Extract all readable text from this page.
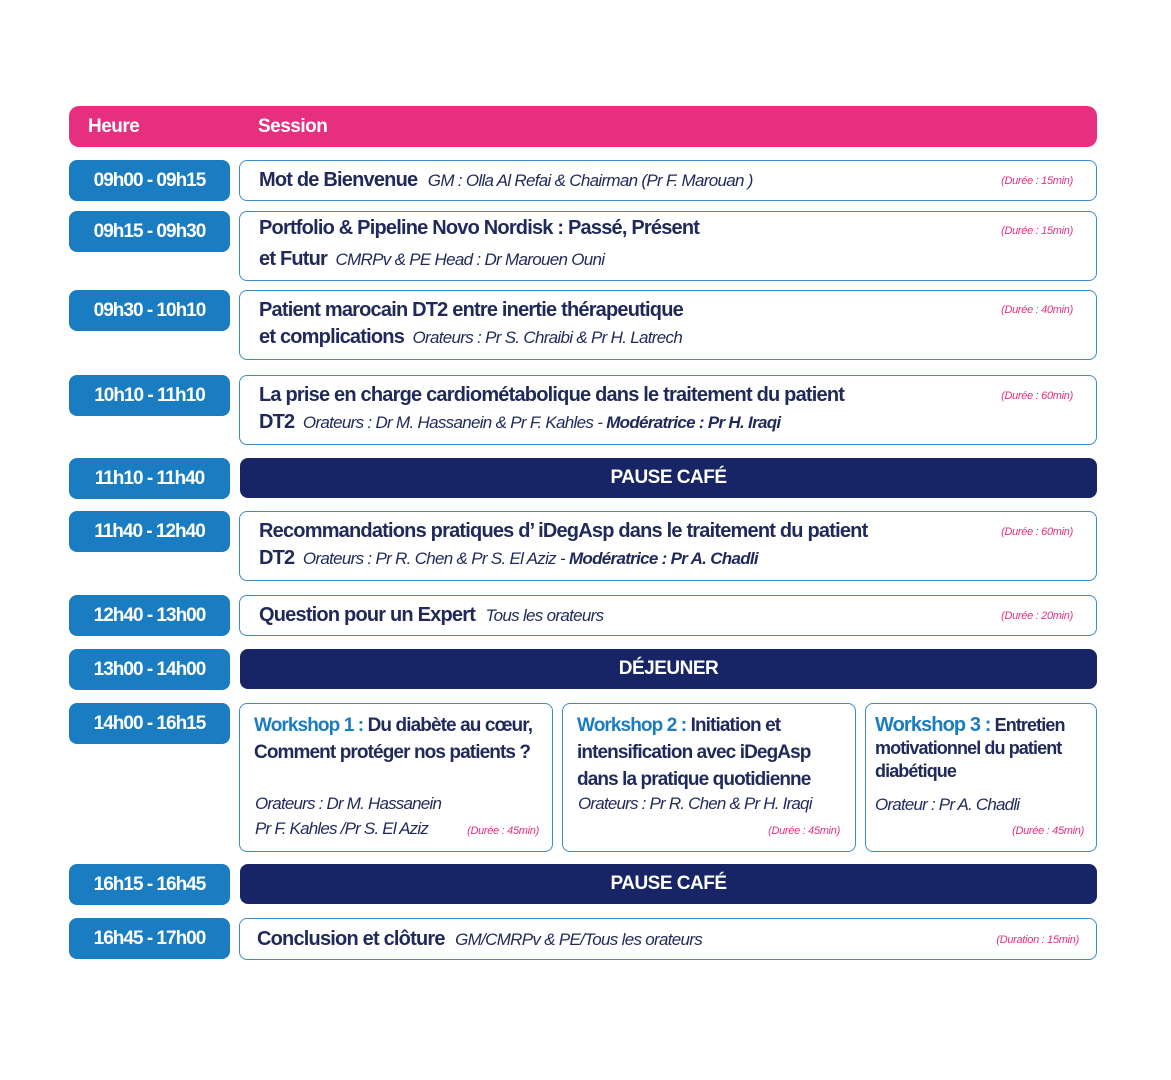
Heure	Session
09h00 - 09h15	Mot de Bienvenue GM : Olla Al Refai & Chairman (Pr F. Marouan )	(Durée : 15min)
09h15 - 09h30	Portfolio & Pipeline Novo Nordisk : Passé, Présent
et Futur CMRPv & PE Head : Dr Marouen Ouni
(Durée : 15min)
09h30 - 10h10	Patient marocain DT2 entre inertie thérapeutique
et complications Orateurs : Pr S. Chraibi & Pr H. Latrech
(Durée : 40min)
10h10 - 11h10	La prise en charge cardiométabolique dans le traitement du patient
DT2 Orateurs : Dr M. Hassanein & Pr F. Kahles - Modératrice : Pr H. Iraqi
(Durée : 60min)
11h10 - 11h40	PAUSE CAFÉ
11h40 - 12h40	Recommandations pratiques d’ iDegAsp dans le traitement du patient
DT2 Orateurs : Pr R. Chen & Pr S. El Aziz - Modératrice : Pr A. Chadli
(Durée : 60min)
12h40 - 13h00	Question pour un Expert Tous les orateurs	(Durée : 20min)
13h00 - 14h00	DÉJEUNER
14h00 - 16h15	Workshop 1 : Du diabète au cœur, Comment protéger nos patients ?
Orateurs : Dr M. Hassanein
Pr F. Kahles /Pr S. El Aziz	(Durée : 45min)
Workshop 2 : Initiation et intensification avec iDegAsp dans la pratique quotidienne
Orateurs : Pr R. Chen & Pr H. Iraqi
(Durée : 45min)
Workshop 3 : Entretien motivationnel du patient diabétique
Orateur : Pr A. Chadli
(Durée : 45min)
16h15 - 16h45	PAUSE CAFÉ
16h45 - 17h00	Conclusion et clôture GM/CMRPv & PE/Tous les orateurs	(Duration : 15min)
